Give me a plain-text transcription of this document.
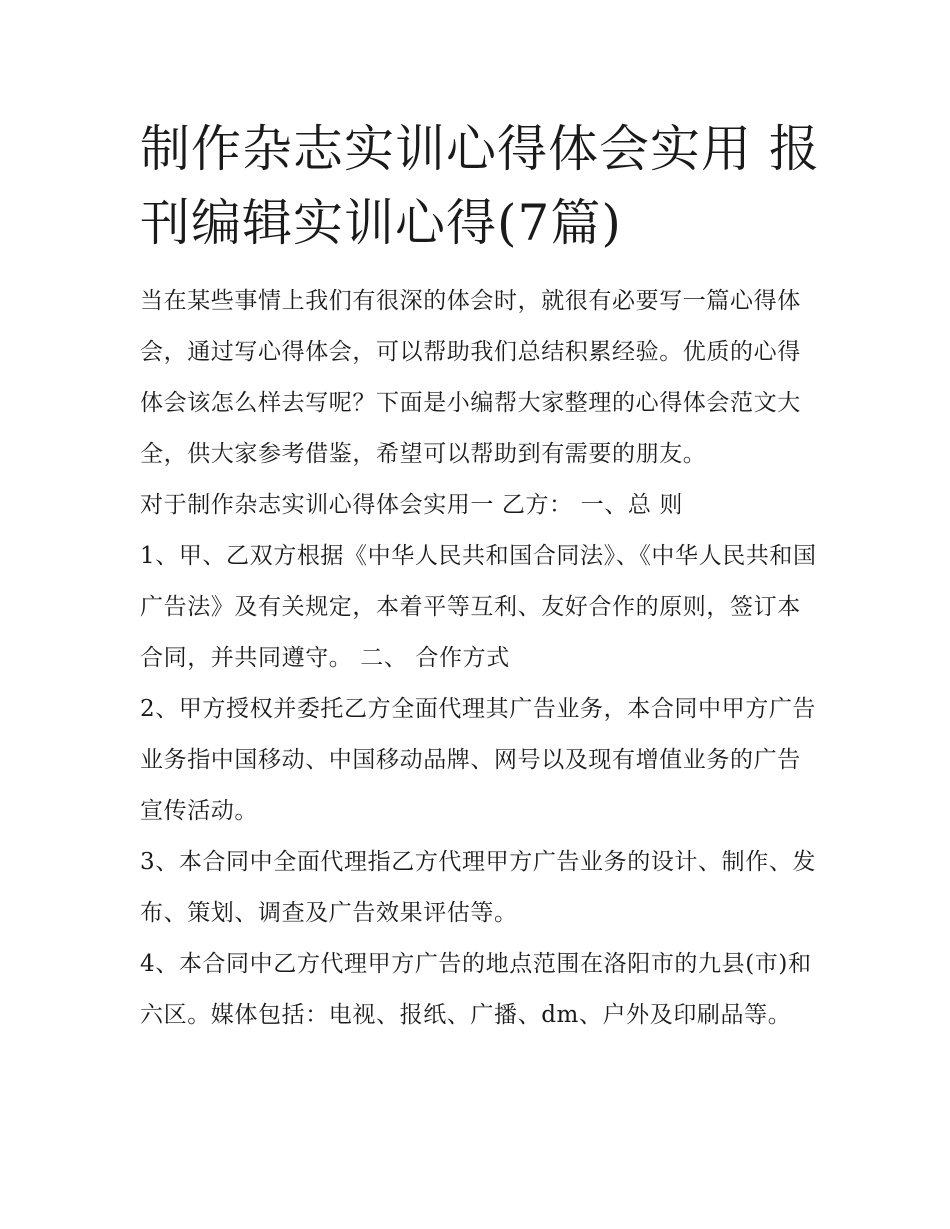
制作杂志实训心得体会实用 报刊编辑实训心得(7篇)

当在某些事情上我们有很深的体会时，就很有必要写一篇心得体会，通过写心得体会，可以帮助我们总结积累经验。优质的心得体会该怎么样去写呢？下面是小编帮大家整理的心得体会范文大全，供大家参考借鉴，希望可以帮助到有需要的朋友。

对于制作杂志实训心得体会实用一 乙方： 一、总 则

1、甲、乙双方根据《中华人民共和国合同法》、《中华人民共和国广告法》及有关规定，本着平等互利、友好合作的原则，签订本合同，并共同遵守。 二、 合作方式

2、甲方授权并委托乙方全面代理其广告业务，本合同中甲方广告业务指中国移动、中国移动品牌、网号以及现有增值业务的广告宣传活动。

3、本合同中全面代理指乙方代理甲方广告业务的设计、制作、发布、策划、调查及广告效果评估等。

4、本合同中乙方代理甲方广告的地点范围在洛阳市的九县(市)和六区。媒体包括：电视、报纸、广播、dm、户外及印刷品等。
